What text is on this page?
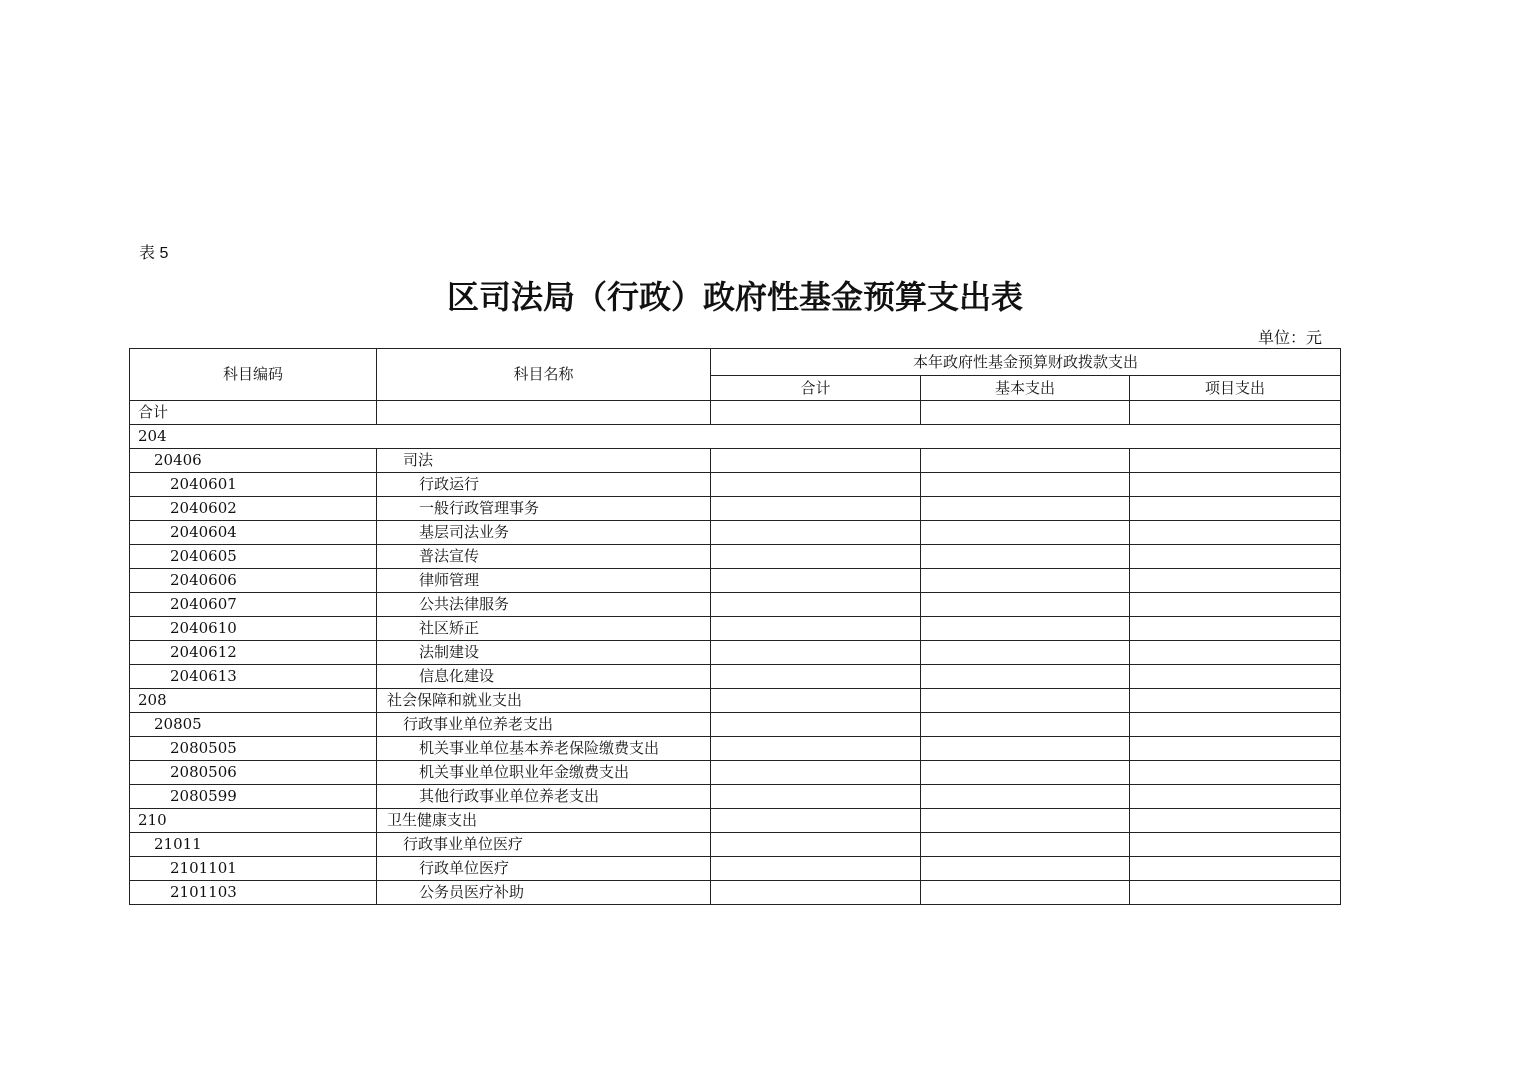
表 5
区司法局（行政）政府性基金预算支出表
单位：元
科目编码	科目名称	本年政府性基金预算财政拨款支出		
		合计	基本支出	项目支出
合计				
204				
20406	司法			
2040601	行政运行			
2040602	一般行政管理事务			
2040604	基层司法业务			
2040605	普法宣传			
2040606	律师管理			
2040607	公共法律服务			
2040610	社区矫正			
2040612	法制建设			
2040613	信息化建设			
208	社会保障和就业支出			
20805	行政事业单位养老支出			
2080505	机关事业单位基本养老保险缴费支出			
2080506	机关事业单位职业年金缴费支出			
2080599	其他行政事业单位养老支出			
210	卫生健康支出			
21011	行政事业单位医疗			
2101101	行政单位医疗			
2101103	公务员医疗补助			
